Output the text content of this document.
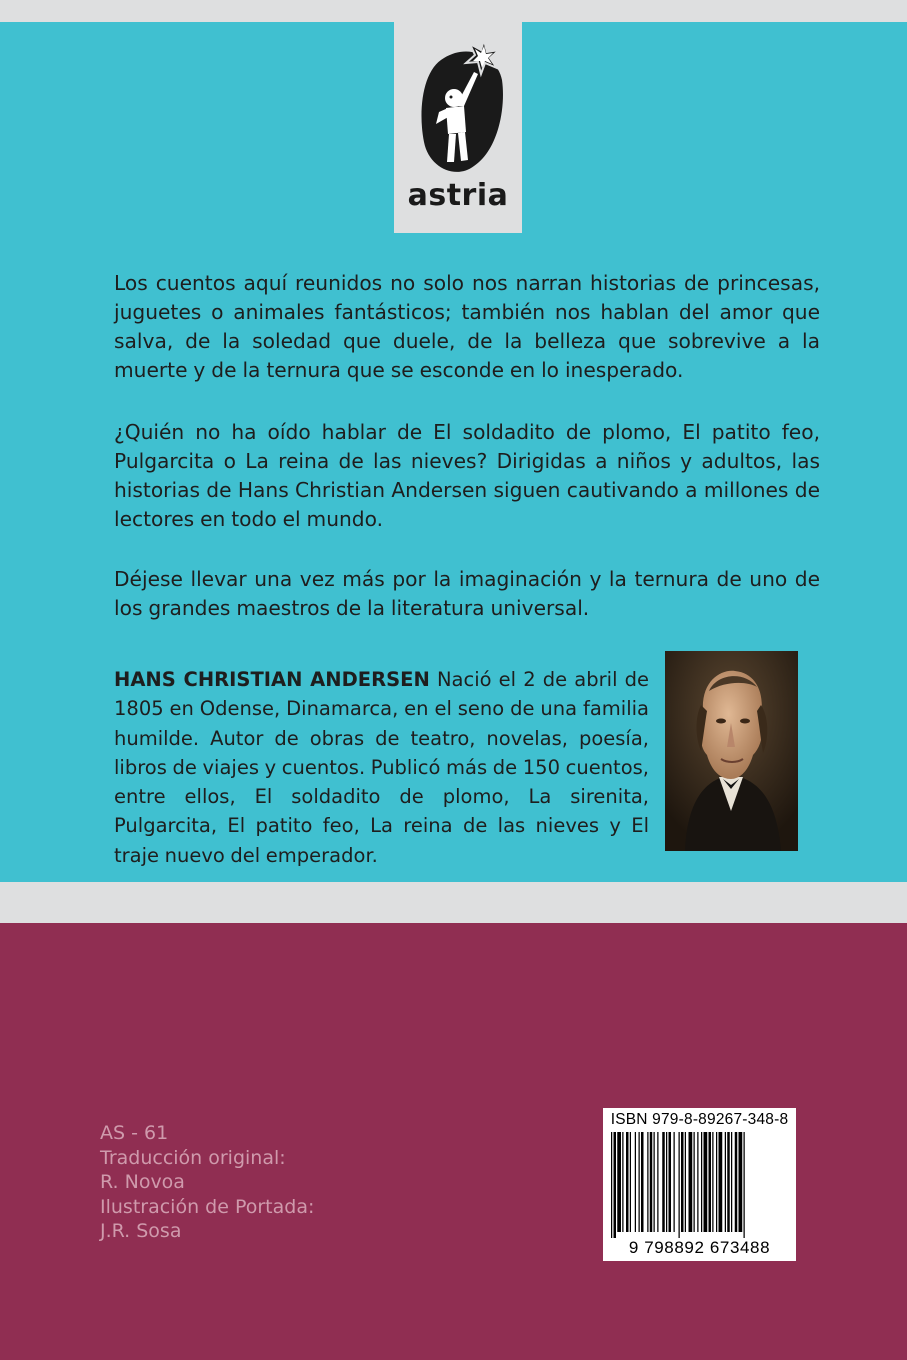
astria

Los cuentos aquí reunidos no solo nos narran historias de princesas, juguetes o animales fantásticos; también nos hablan del amor que salva, de la soledad que duele, de la belleza que sobrevive a la muerte y de la ternura que se esconde en lo inesperado.

¿Quién no ha oído hablar de El soldadito de plomo, El patito feo, Pulgarcita o La reina de las nieves? Dirigidas a niños y adultos, las historias de Hans Christian Andersen siguen cautivando a millones de lectores en todo el mundo.

Déjese llevar una vez más por la imaginación y la ternura de uno de los grandes maestros de la literatura universal.

HANS CHRISTIAN ANDERSEN Nació el 2 de abril de 1805 en Odense, Dinamarca, en el seno de una familia humilde. Autor de obras de teatro, novelas, poesía, libros de viajes y cuentos. Publicó más de 150 cuentos, entre ellos, El soldadito de plomo, La sirenita, Pulgarcita, El patito feo, La reina de las nieves y El traje nuevo del emperador.

AS - 61
Traducción original:
R. Novoa
Ilustración de Portada:
J.R. Sosa
ISBN 979-8-89267-348-8
9 798892 673488
